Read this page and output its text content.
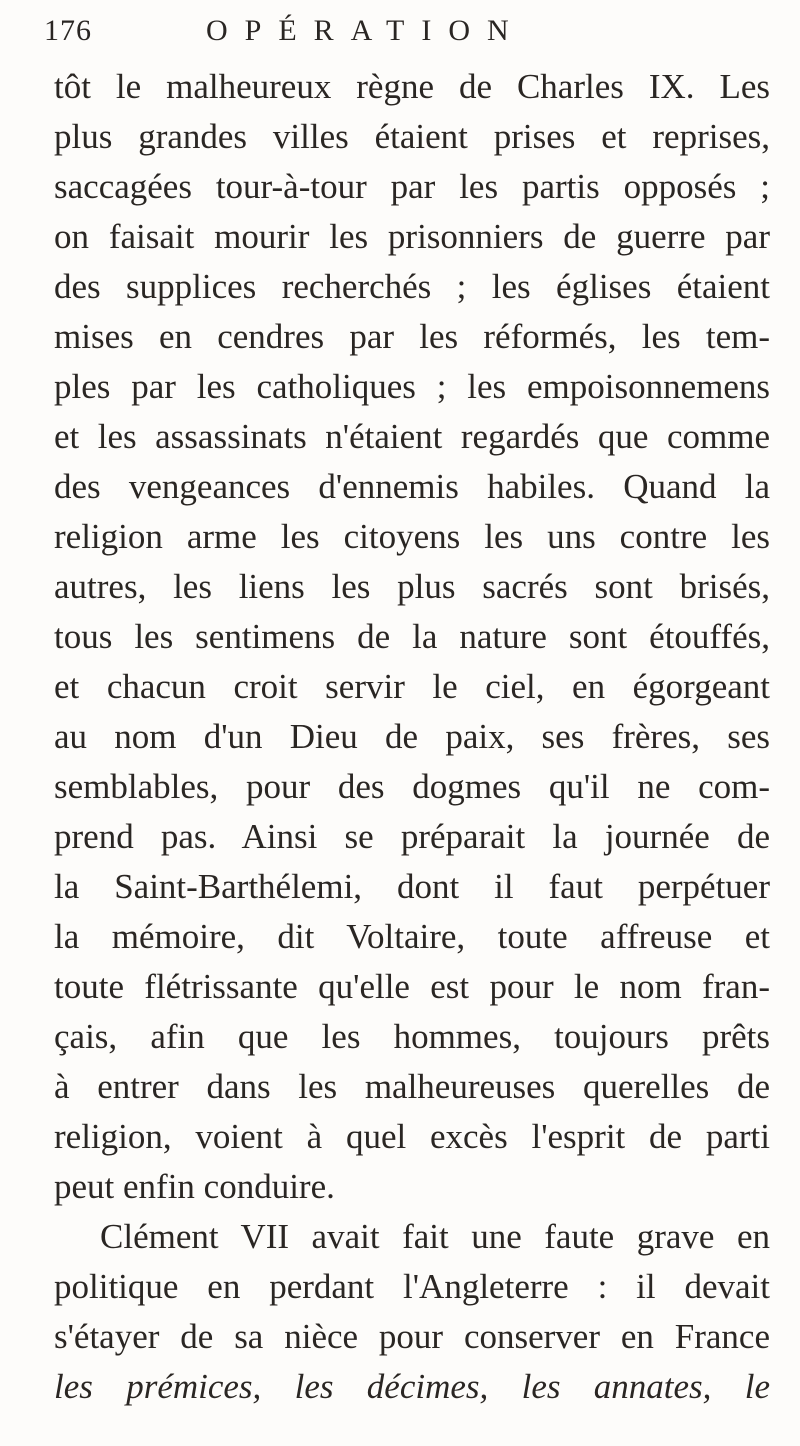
176	OPÉRATION
tôt le malheureux règne de Charles IX. Les
plus grandes villes étaient prises et reprises,
saccagées tour-à-tour par les partis opposés ;
on faisait mourir les prisonniers de guerre par
des supplices recherchés ; les églises étaient
mises en cendres par les réformés, les tem-
ples par les catholiques ; les empoisonnemens
et les assassinats n'étaient regardés que comme
des vengeances d'ennemis habiles. Quand la
religion arme les citoyens les uns contre les
autres, les liens les plus sacrés sont brisés,
tous les sentimens de la nature sont étouffés,
et chacun croit servir le ciel, en égorgeant
au nom d'un Dieu de paix, ses frères, ses
semblables, pour des dogmes qu'il ne com-
prend pas. Ainsi se préparait la journée de
la Saint-Barthélemi, dont il faut perpétuer
la mémoire, dit Voltaire, toute affreuse et
toute flétrissante qu'elle est pour le nom fran-
çais, afin que les hommes, toujours prêts
à entrer dans les malheureuses querelles de
religion, voient à quel excès l'esprit de parti
peut enfin conduire.
Clément VII avait fait une faute grave en
politique en perdant l'Angleterre : il devait
s'étayer de sa nièce pour conserver en France
les prémices, les décimes, les annates, le
